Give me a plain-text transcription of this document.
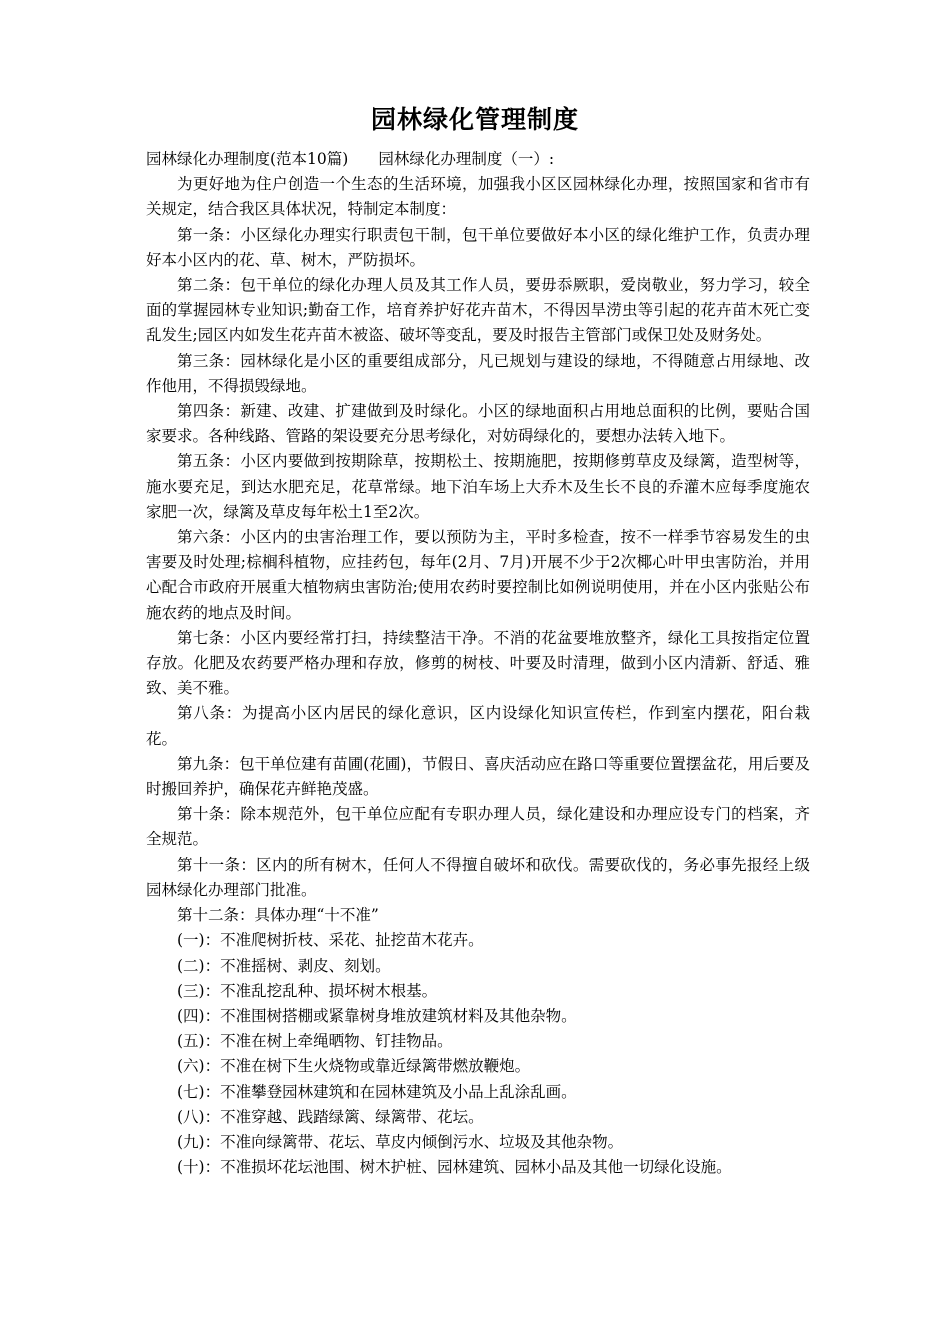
园林绿化管理制度

园林绿化办理制度(范本10篇) 园林绿化办理制度（一）:

为更好地为住户创造一个生态的生活环境，加强我小区区园林绿化办理，按照国家和省市有关规定，结合我区具体状况，特制定本制度：

第一条：小区绿化办理实行职责包干制，包干单位要做好本小区的绿化维护工作，负责办理好本小区内的花、草、树木，严防损坏。

第二条：包干单位的绿化办理人员及其工作人员，要毋忝厥职，爱岗敬业，努力学习，较全面的掌握园林专业知识;勤奋工作，培育养护好花卉苗木，不得因旱涝虫等引起的花卉苗木死亡变乱发生;园区内如发生花卉苗木被盗、破坏等变乱，要及时报告主管部门或保卫处及财务处。

第三条：园林绿化是小区的重要组成部分，凡已规划与建设的绿地，不得随意占用绿地、改作他用，不得损毁绿地。

第四条：新建、改建、扩建做到及时绿化。小区的绿地面积占用地总面积的比例，要贴合国家要求。各种线路、管路的架设要充分思考绿化，对妨碍绿化的，要想办法转入地下。

第五条：小区内要做到按期除草，按期松土、按期施肥，按期修剪草皮及绿篱，造型树等，施水要充足，到达水肥充足，花草常绿。地下泊车场上大乔木及生长不良的乔灌木应每季度施农家肥一次，绿篱及草皮每年松土1至2次。

第六条：小区内的虫害治理工作，要以预防为主，平时多检查，按不一样季节容易发生的虫害要及时处理;棕榈科植物，应挂药包，每年(2月、7月)开展不少于2次椰心叶甲虫害防治，并用心配合市政府开展重大植物病虫害防治;使用农药时要控制比如例说明使用，并在小区内张贴公布施农药的地点及时间。

第七条：小区内要经常打扫，持续整洁干净。不消的花盆要堆放整齐，绿化工具按指定位置存放。化肥及农药要严格办理和存放，修剪的树枝、叶要及时清理，做到小区内清新、舒适、雅致、美不雅。

第八条：为提高小区内居民的绿化意识，区内设绿化知识宣传栏，作到室内摆花，阳台栽花。

第九条：包干单位建有苗圃(花圃)，节假日、喜庆活动应在路口等重要位置摆盆花，用后要及时搬回养护，确保花卉鲜艳茂盛。

第十条：除本规范外，包干单位应配有专职办理人员，绿化建设和办理应设专门的档案，齐全规范。

第十一条：区内的所有树木，任何人不得擅自破坏和砍伐。需要砍伐的，务必事先报经上级园林绿化办理部门批准。

第十二条：具体办理“十不准”

(一)：不准爬树折枝、采花、扯挖苗木花卉。

(二)：不准摇树、剥皮、刻划。

(三)：不准乱挖乱种、损坏树木根基。

(四)：不准围树搭棚或紧靠树身堆放建筑材料及其他杂物。

(五)：不准在树上牵绳晒物、钉挂物品。

(六)：不准在树下生火烧物或靠近绿篱带燃放鞭炮。

(七)：不准攀登园林建筑和在园林建筑及小品上乱涂乱画。

(八)：不准穿越、践踏绿篱、绿篱带、花坛。

(九)：不准向绿篱带、花坛、草皮内倾倒污水、垃圾及其他杂物。

(十)：不准损坏花坛池围、树木护桩、园林建筑、园林小品及其他一切绿化设施。
